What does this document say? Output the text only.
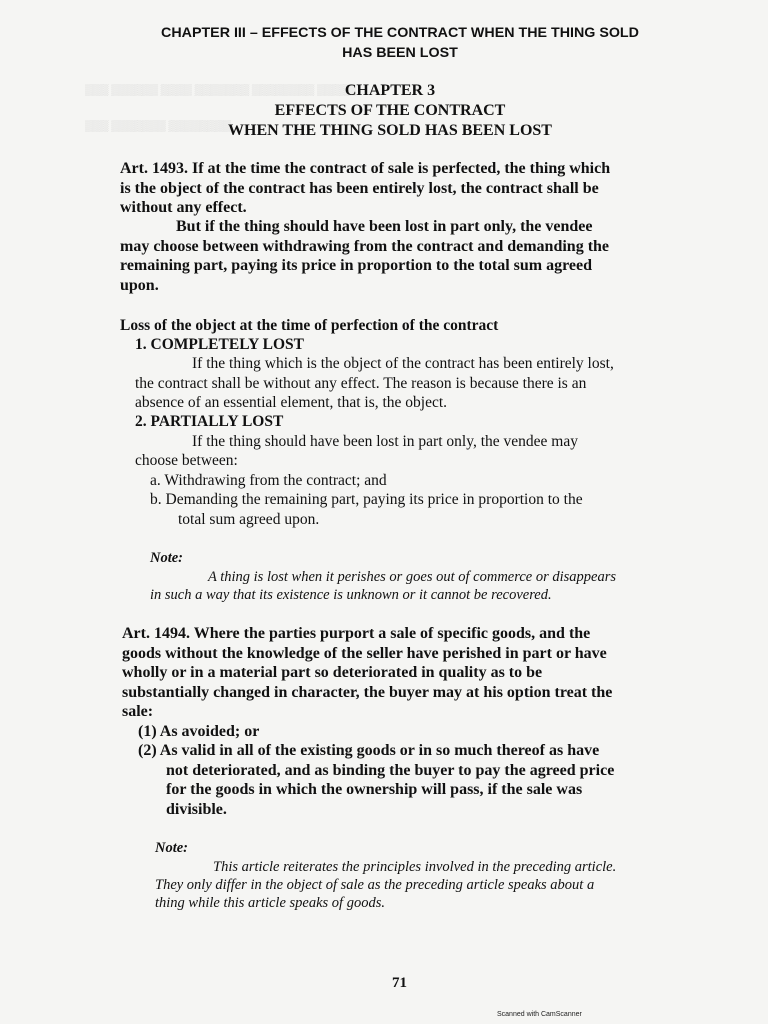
▒▒▒ ▒▒▒▒▒▒ ▒▒▒▒ ▒▒▒▒▒▒▒ ▒▒▒▒▒▒▒▒ ▒▒▒▒▒
▒▒▒ ▒▒▒▒▒▒▒ ▒▒▒▒▒▒▒▒

CHAPTER III – EFFECTS OF THE CONTRACT WHEN THE THING SOLD

HAS BEEN LOST

CHAPTER 3

EFFECTS OF THE CONTRACT

WHEN THE THING SOLD HAS BEEN LOST

Art. 1493. If at the time the contract of sale is perfected, the thing which

is the object of the contract has been entirely lost, the contract shall be

without any effect.

But if the thing should have been lost in part only, the vendee

may choose between withdrawing from the contract and demanding the

remaining part, paying its price in proportion to the total sum agreed

upon.

Loss of the object at the time of perfection of the contract

1. COMPLETELY LOST

If the thing which is the object of the contract has been entirely lost,

the contract shall be without any effect. The reason is because there is an

absence of an essential element, that is, the object.

2. PARTIALLY LOST

If the thing should have been lost in part only, the vendee may

choose between:

a. Withdrawing from the contract; and

b. Demanding the remaining part, paying its price in proportion to the

total sum agreed upon.

Note:

A thing is lost when it perishes or goes out of commerce or disappears

in such a way that its existence is unknown or it cannot be recovered.

Art. 1494. Where the parties purport a sale of specific goods, and the

goods without the knowledge of the seller have perished in part or have

wholly or in a material part so deteriorated in quality as to be

substantially changed in character, the buyer may at his option treat the

sale:

(1) As avoided; or

(2) As valid in all of the existing goods or in so much thereof as have

not deteriorated, and as binding the buyer to pay the agreed price

for the goods in which the ownership will pass, if the sale was

divisible.

Note:

This article reiterates the principles involved in the preceding article.

They only differ in the object of sale as the preceding article speaks about a

thing while this article speaks of goods.

71

Scanned with CamScanner
